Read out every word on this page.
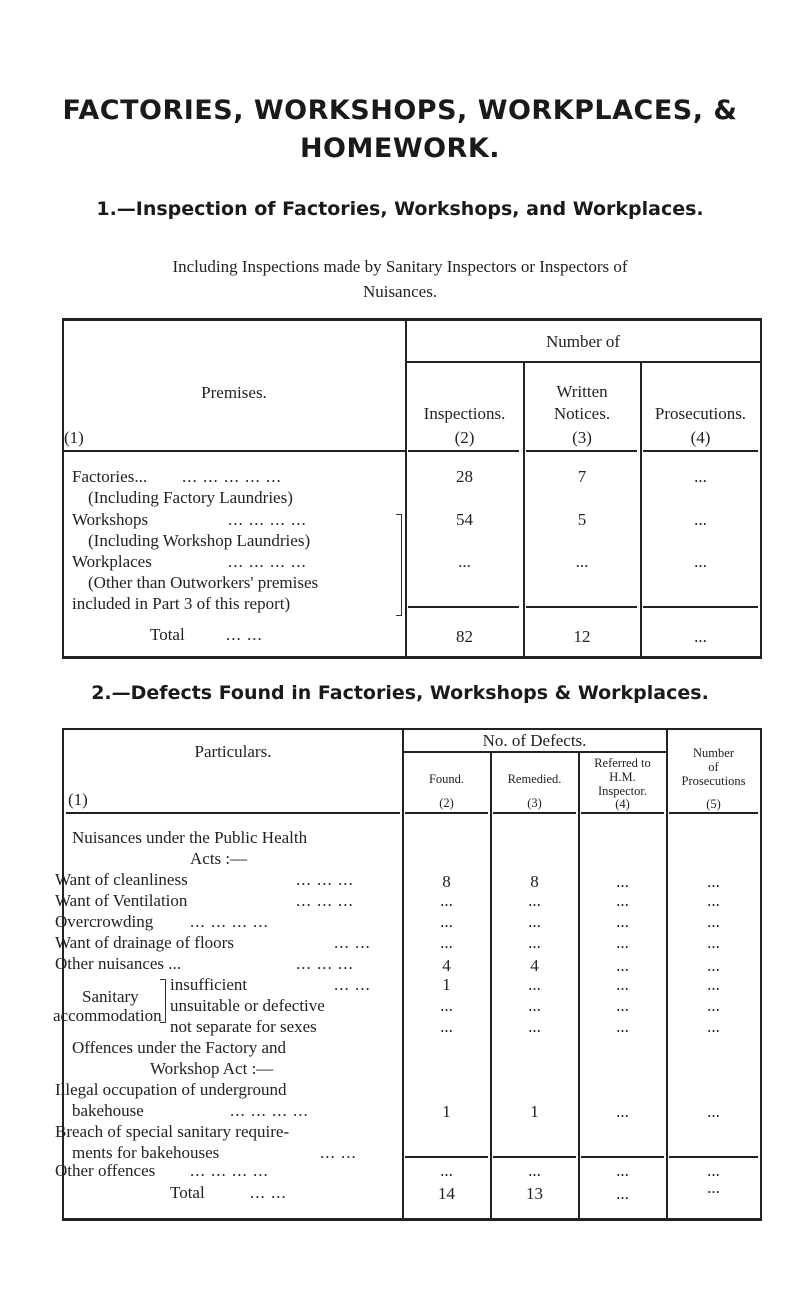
FACTORIES, WORKSHOPS, WORKPLACES, &
HOMEWORK.
1.—Inspection of Factories, Workshops, and Workplaces.
Including Inspections made by Sanitary Inspectors or Inspectors of
Nuisances.
Number of
Premises.
(1)
Inspections.
(2)
Written
Notices.
(3)
Prosecutions.
(4)
Factories... ... ... ... ... ...
(Including Factory Laundries)
28	7	...
Workshops	... ... ... ...
(Including Workshop Laundries)
54	5	...
Workplaces	... ... ... ...
(Other than Outworkers' premises
included in Part 3 of this report)
...	...	...
Total ... ...	82	12	...
2.—Defects Found in Factories, Workshops & Workplaces.
Particulars.
(1)
No. of Defects.
Found.
(2)
Remedied.
(3)
Referred to
H.M.
Inspector.
(4)
Number
of
Prosecutions
(5)
Nuisances under the Public Health
Acts :—
Want of cleanliness	... ... ...	8	8	...	...
Want of Ventilation	... ... ...	...	...	...	...
Overcrowding ... ... ... ...	...	...	...	...
Want of drainage of floors	... ...	...	...	...	...
Other nuisances ...	... ... ...	4	4	...	...
Sanitary
accommodation
insufficient	... ...	1	...	...	...
unsuitable or defective	...	...	...	...
not separate for sexes	...	...	...	...
Offences under the Factory and
Workshop Act :—
Illegal occupation of underground
bakehouse	... ... ... ...	1	1	...	...
Breach of special sanitary require-
ments for bakehouses	... ...	...	...	...	...
Other offences ... ... ... ...	...	...	...	...
Total	... ...	14	13	...	...
